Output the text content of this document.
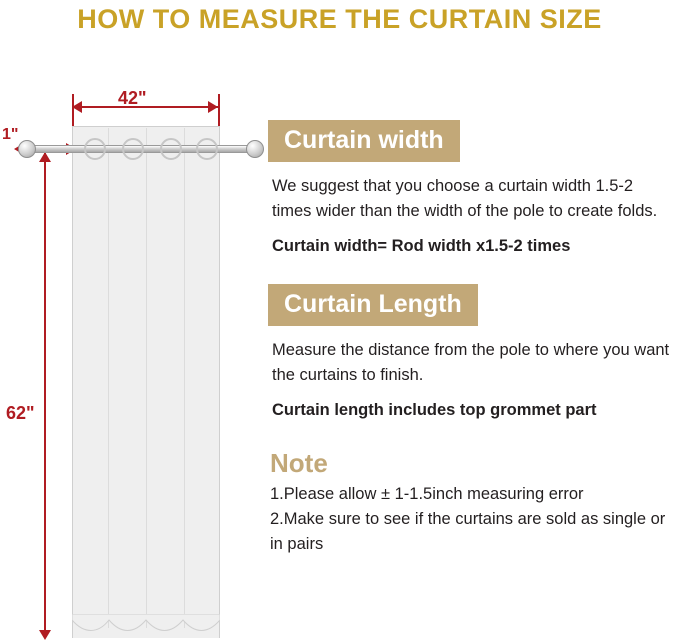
HOW TO MEASURE THE CURTAIN SIZE
42"
1"
62"
Curtain width

We suggest that you choose a curtain width 1.5-2 times wider than the width of the pole to create folds.

Curtain width= Rod width x1.5-2 times

Curtain Length

Measure the distance from the pole to where you want the curtains to finish.

Curtain length includes top grommet part

Note

1.Please allow ± 1-1.5inch measuring error

2.Make sure to see if the curtains are sold as single or in pairs
